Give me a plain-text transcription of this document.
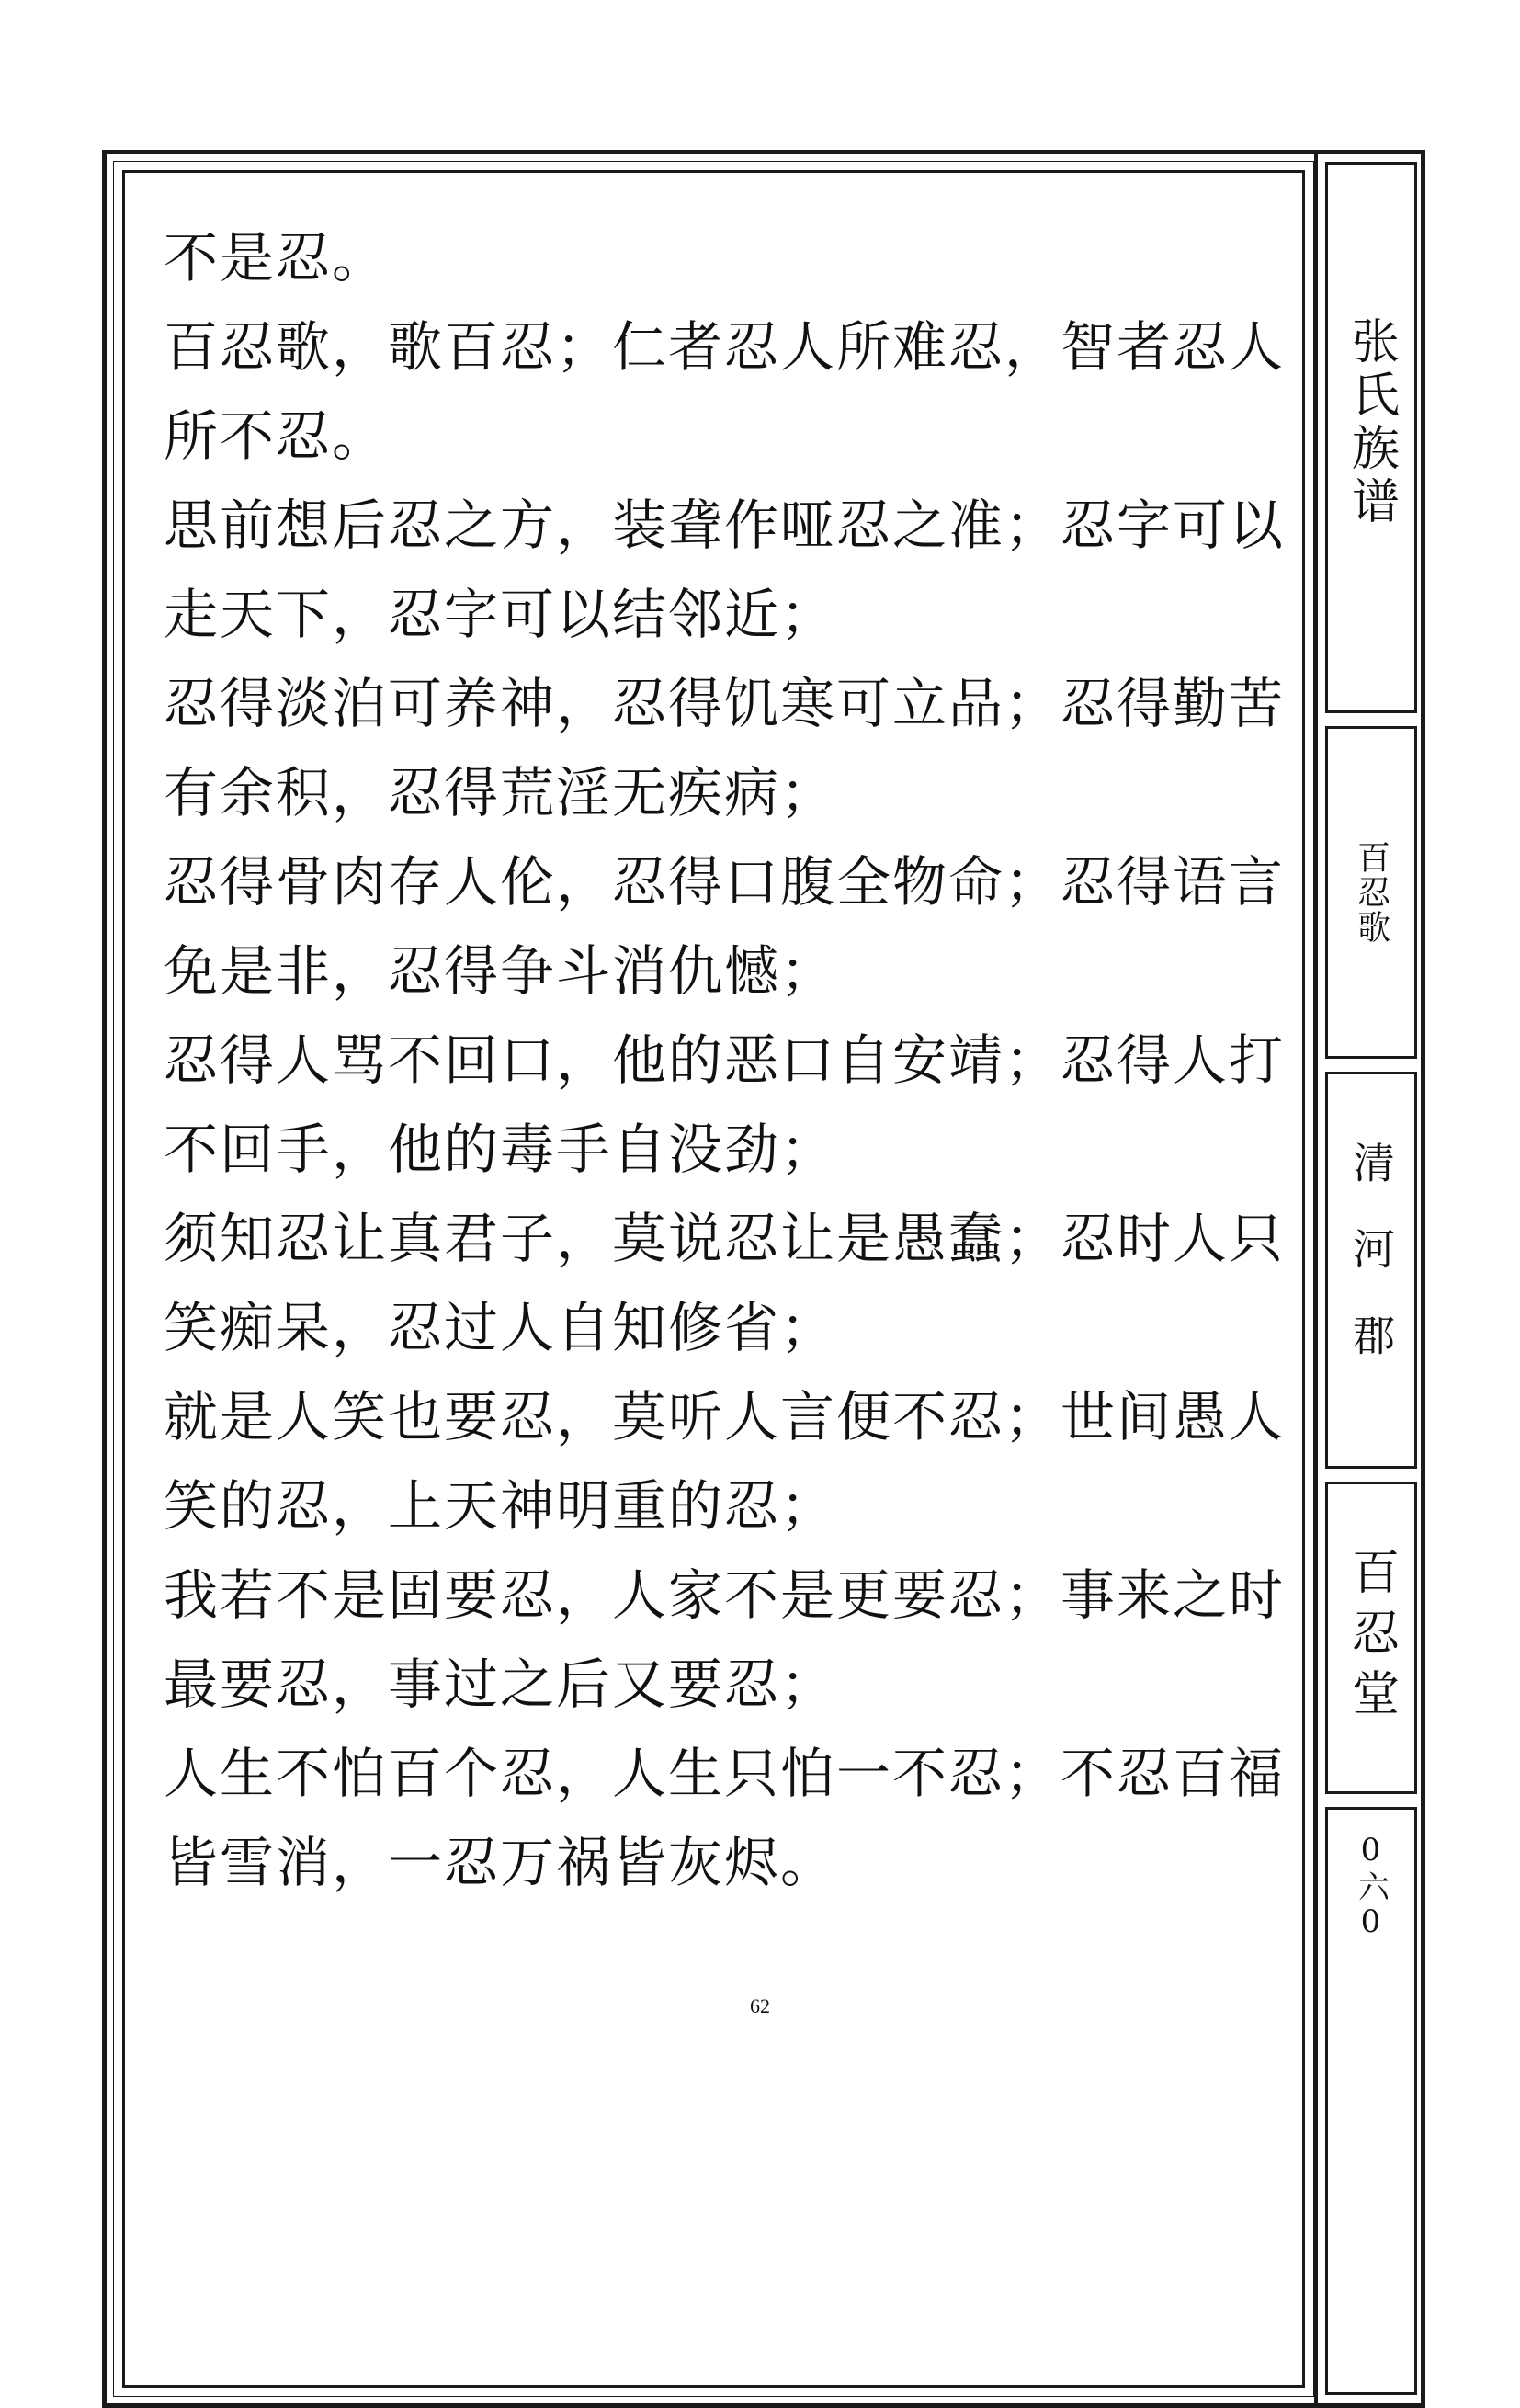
不是忍。

百忍歌，歌百忍；仁者忍人所难忍，智者忍人

所不忍。

思前想后忍之方，装聋作哑忍之准；忍字可以

走天下，忍字可以结邻近；

忍得淡泊可养神，忍得饥寒可立品；忍得勤苦

有余积，忍得荒淫无疾病；

忍得骨肉存人伦，忍得口腹全物命；忍得语言

免是非，忍得争斗消仇憾；

忍得人骂不回口，他的恶口自安靖；忍得人打

不回手，他的毒手自没劲；

须知忍让真君子，莫说忍让是愚蠢；忍时人只

笑痴呆，忍过人自知修省；

就是人笑也要忍，莫听人言便不忍；世间愚人

笑的忍，上天神明重的忍；

我若不是固要忍，人家不是更要忍；事来之时

最要忍，事过之后又要忍；

人生不怕百个忍，人生只怕一不忍；不忍百福

皆雪消，一忍万祸皆灰烬。

张氏族谱
百忍歌
清河郡
百忍堂
0六0
62
